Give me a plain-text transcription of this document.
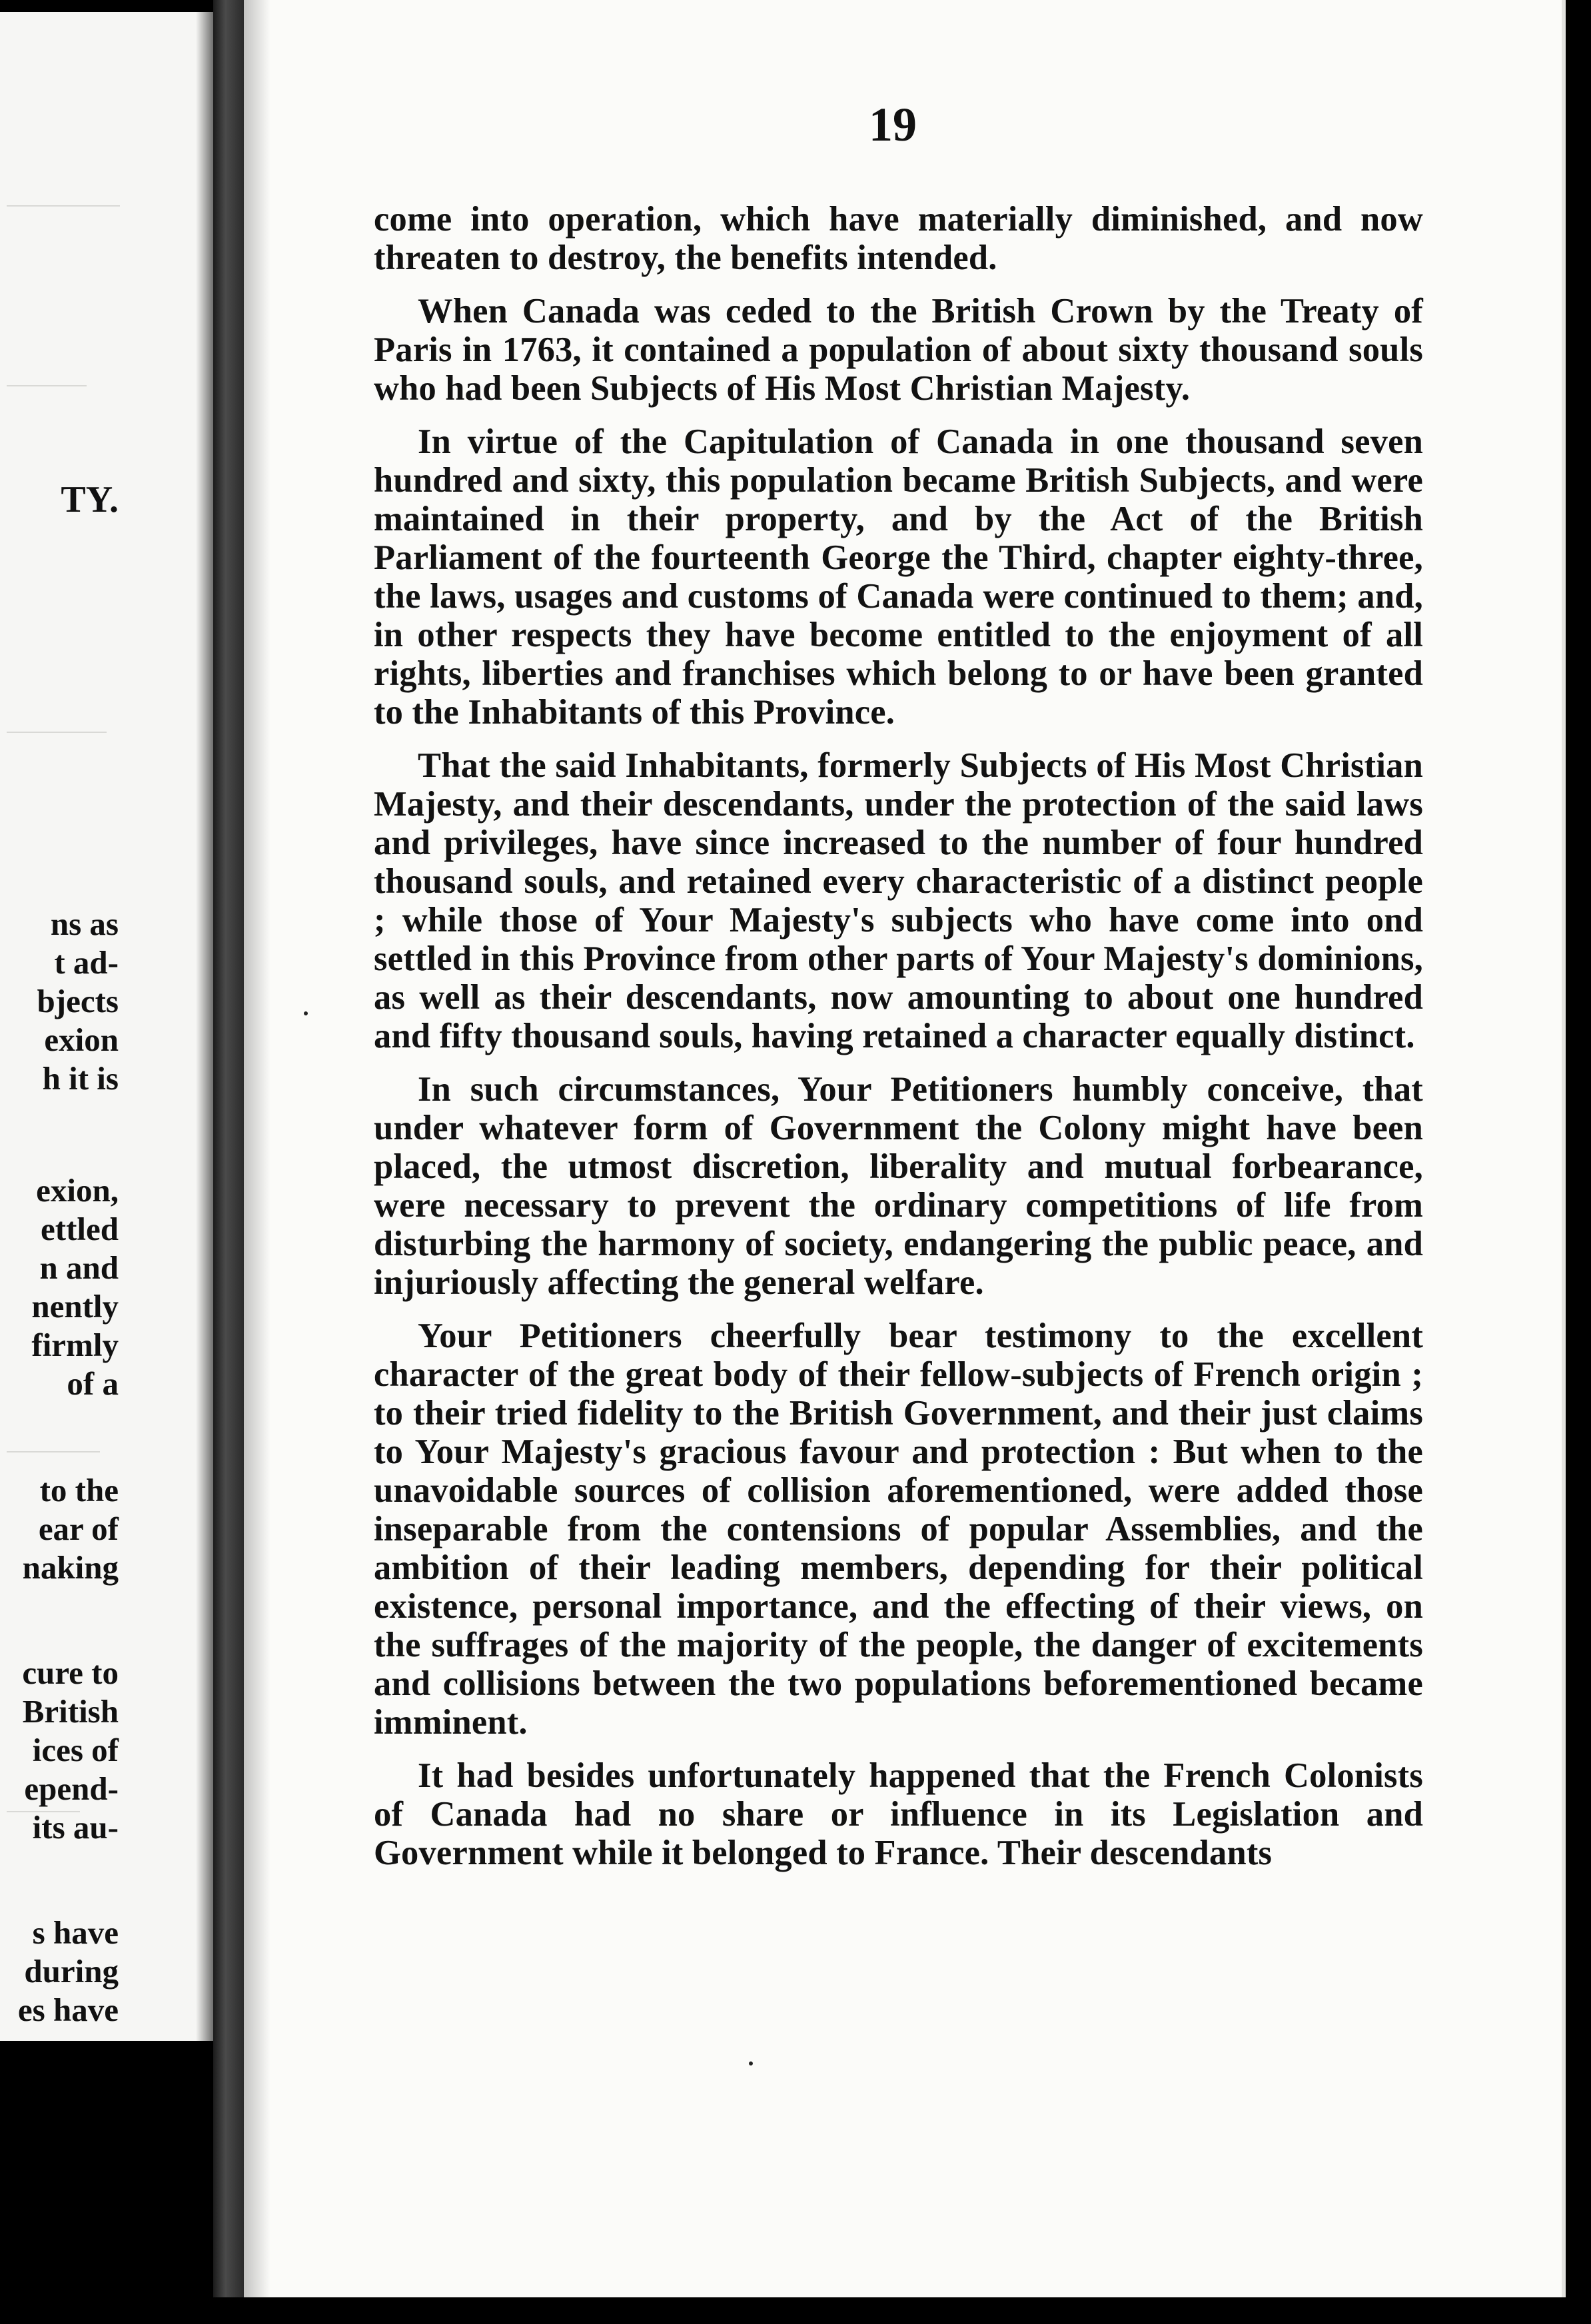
TY.
ns as
t ad-
bjects
exion
h it is
exion,
ettled
n and
nently
firmly
of a
to the
ear of
naking
cure to
British
ices of
epend-
its au-
s have
during
es have
19

come into operation, which have materially diminished, and now threaten to destroy, the benefits intended.

When Canada was ceded to the British Crown by the Treaty of Paris in 1763, it contained a population of about sixty thousand souls who had been Subjects of His Most Christian Majesty.

In virtue of the Capitulation of Canada in one thousand seven hundred and sixty, this population became British Subjects, and were maintained in their property, and by the Act of the British Parliament of the fourteenth George the Third, chapter eighty-three, the laws, usages and customs of Canada were continued to them; and, in other respects they have become entitled to the enjoyment of all rights, liberties and franchises which belong to or have been granted to the Inhabitants of this Province.

That the said Inhabitants, formerly Subjects of His Most Christian Majesty, and their descendants, under the protection of the said laws and privileges, have since increased to the number of four hundred thousand souls, and retained every characteristic of a distinct people ; while those of Your Majesty's subjects who have come into ond settled in this Province from other parts of Your Majesty's dominions, as well as their descendants, now amounting to about one hundred and fifty thousand souls, having retained a character equally distinct.

In such circumstances, Your Petitioners humbly conceive, that under whatever form of Government the Colony might have been placed, the utmost discretion, liberality and mutual forbearance, were necessary to prevent the ordinary competitions of life from disturbing the harmony of society, endangering the public peace, and injuriously affecting the general welfare.

Your Petitioners cheerfully bear testimony to the excellent character of the great body of their fellow-subjects of French origin ; to their tried fidelity to the British Government, and their just claims to Your Majesty's gracious favour and protection : But when to the unavoidable sources of collision aforementioned, were added those inseparable from the contensions of popular Assemblies, and the ambition of their leading members, depending for their political existence, personal importance, and the effecting of their views, on the suffrages of the majority of the people, the danger of excitements and collisions between the two populations beforementioned became imminent.

It had besides unfortunately happened that the French Colonists of Canada had no share or influence in its Legislation and Government while it belonged to France. Their descendants
